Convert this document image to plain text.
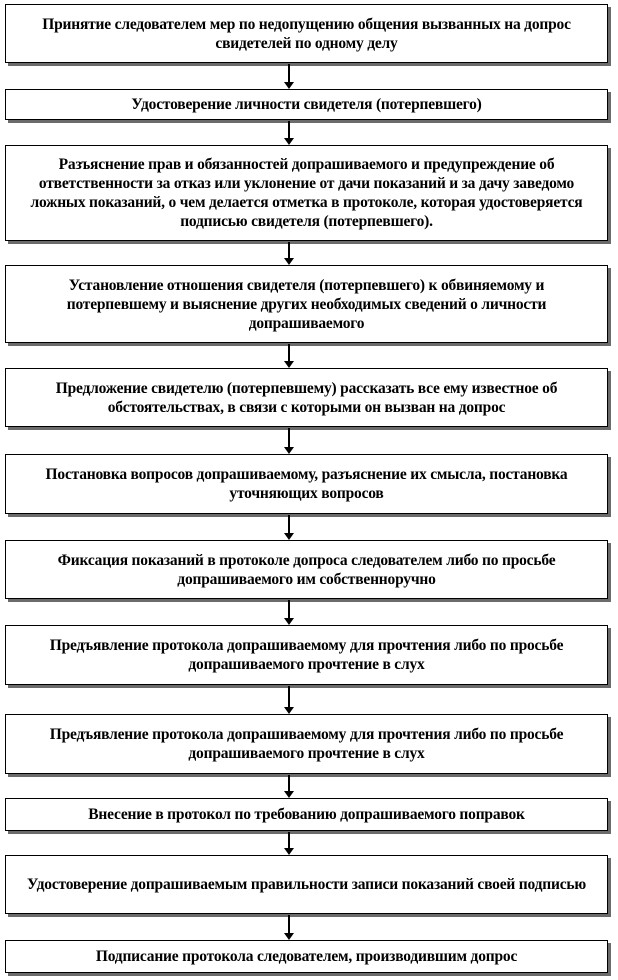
Принятие следователем мер по недопущению общения вызванных на допрос свидетелей по одному делу
Удостоверение личности свидетеля (потерпевшего)
Разъяснение прав и обязанностей допрашиваемого и предупреждение об ответственности за отказ или уклонение от дачи показаний и за дачу заведомо ложных показаний, о чем делается отметка в протоколе, которая удостоверяется подписью свидетеля (потерпевшего).
Установление отношения свидетеля (потерпевшего) к обвиняемому и потерпевшему и выяснение других необходимых сведений о личности допрашиваемого
Предложение свидетелю (потерпевшему) рассказать все ему известное об обстоятельствах, в связи с которыми он вызван на допрос
Постановка вопросов допрашиваемому, разъяснение их смысла, постановка уточняющих вопросов
Фиксация показаний в протоколе допроса следователем либо по просьбе допрашиваемого им собственноручно
Предъявление протокола допрашиваемому для прочтения либо по просьбе допрашиваемого прочтение в слух
Предъявление протокола допрашиваемому для прочтения либо по просьбе допрашиваемого прочтение в слух
Внесение в протокол по требованию допрашиваемого поправок
Удостоверение допрашиваемым правильности записи показаний своей подписью
Подписание протокола следователем, производившим допрос
